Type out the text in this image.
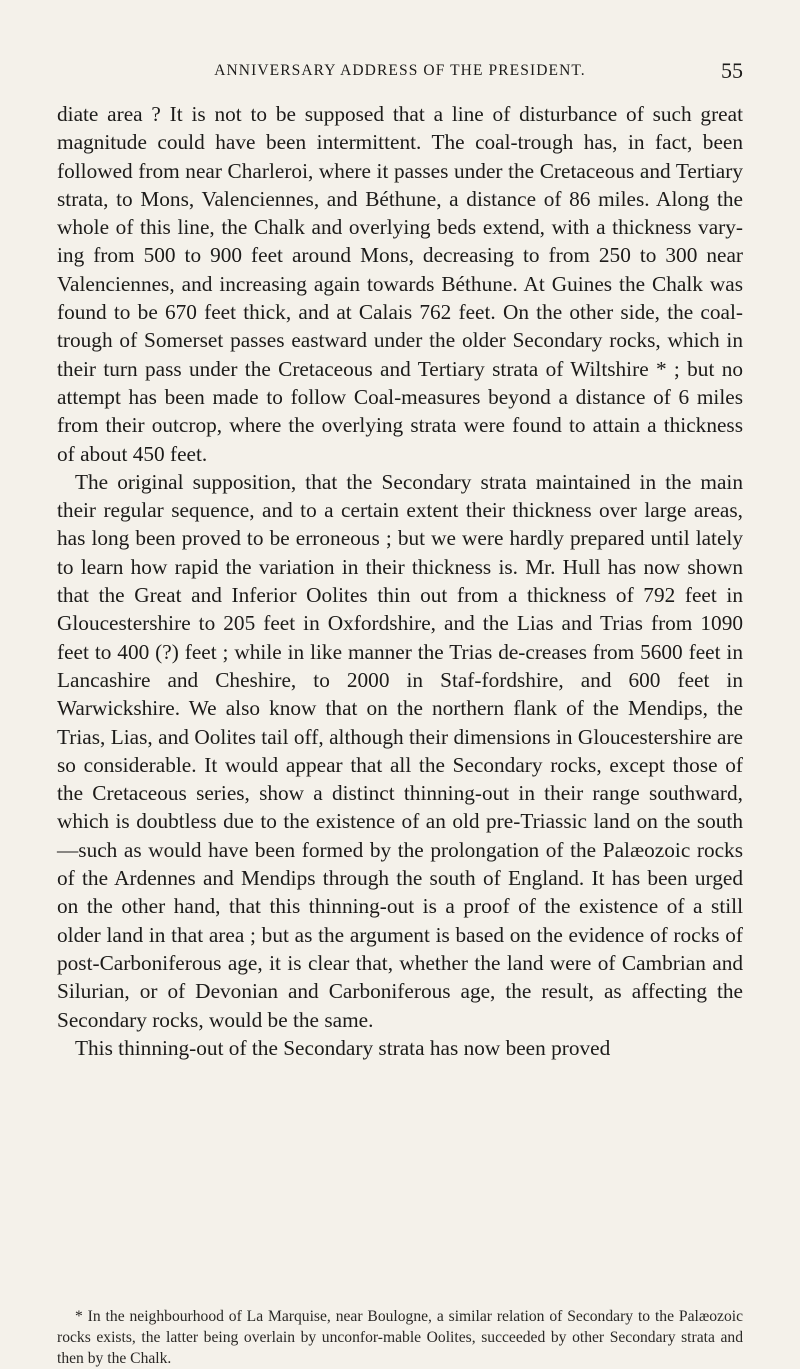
ANNIVERSARY ADDRESS OF THE PRESIDENT.	55

diate area ? It is not to be supposed that a line of disturbance of such great magnitude could have been intermittent. The coal-trough has, in fact, been followed from near Charleroi, where it passes under the Cretaceous and Tertiary strata, to Mons, Valenciennes, and Béthune, a distance of 86 miles. Along the whole of this line, the Chalk and overlying beds extend, with a thickness vary-ing from 500 to 900 feet around Mons, decreasing to from 250 to 300 near Valenciennes, and increasing again towards Béthune. At Guines the Chalk was found to be 670 feet thick, and at Calais 762 feet. On the other side, the coal-trough of Somerset passes eastward under the older Secondary rocks, which in their turn pass under the Cretaceous and Tertiary strata of Wiltshire * ; but no attempt has been made to follow Coal-measures beyond a distance of 6 miles from their outcrop, where the overlying strata were found to attain a thickness of about 450 feet.

The original supposition, that the Secondary strata maintained in the main their regular sequence, and to a certain extent their thickness over large areas, has long been proved to be erroneous ; but we were hardly prepared until lately to learn how rapid the variation in their thickness is. Mr. Hull has now shown that the Great and Inferior Oolites thin out from a thickness of 792 feet in Gloucestershire to 205 feet in Oxfordshire, and the Lias and Trias from 1090 feet to 400 (?) feet ; while in like manner the Trias de-creases from 5600 feet in Lancashire and Cheshire, to 2000 in Staf-fordshire, and 600 feet in Warwickshire. We also know that on the northern flank of the Mendips, the Trias, Lias, and Oolites tail off, although their dimensions in Gloucestershire are so considerable. It would appear that all the Secondary rocks, except those of the Cretaceous series, show a distinct thinning-out in their range southward, which is doubtless due to the existence of an old pre-Triassic land on the south—such as would have been formed by the prolongation of the Palæozoic rocks of the Ardennes and Mendips through the south of England. It has been urged on the other hand, that this thinning-out is a proof of the existence of a still older land in that area ; but as the argument is based on the evidence of rocks of post-Carboniferous age, it is clear that, whether the land were of Cambrian and Silurian, or of Devonian and Carboniferous age, the result, as affecting the Secondary rocks, would be the same.

This thinning-out of the Secondary strata has now been proved

* In the neighbourhood of La Marquise, near Boulogne, a similar relation of Secondary to the Palæozoic rocks exists, the latter being overlain by unconfor-mable Oolites, succeeded by other Secondary strata and then by the Chalk.
